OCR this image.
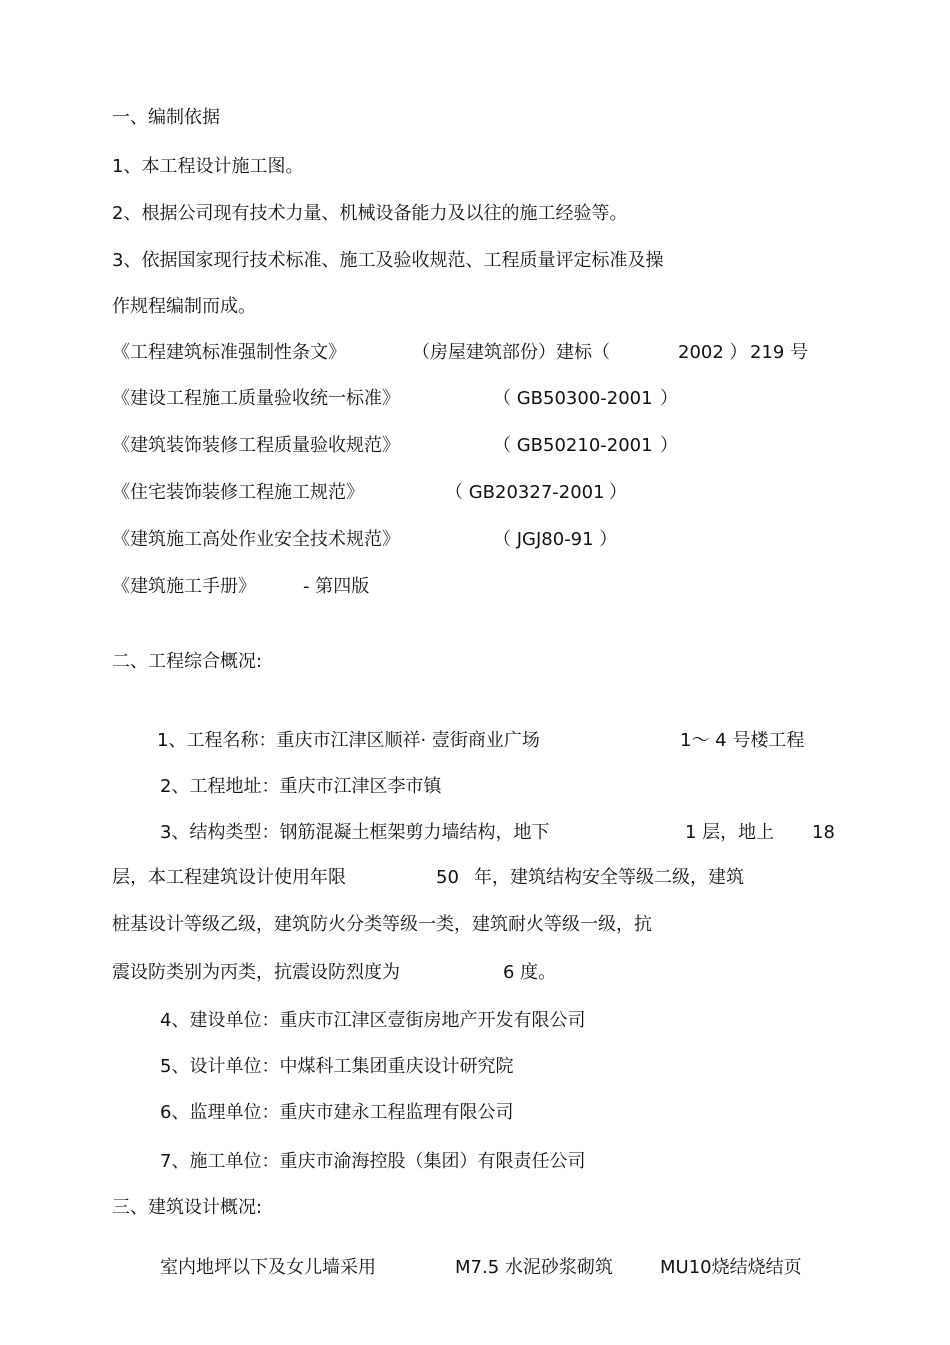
一、编制依据
1、本工程设计施工图。
2、根据公司现有技术力量、机械设备能力及以往的施工经验等。
3、依据国家现行技术标准、施工及验收规范、工程质量评定标准及操
作规程编制而成。
《工程建筑标准强制性条文》	（房屋建筑部份）建标（	2002 ） 219 号
《建设工程施工质量验收统一标准》	（ GB50300-2001 ）
《建筑装饰装修工程质量验收规范》	（ GB50210-2001 ）
《住宅装饰装修工程施工规范》	（ GB20327-2001 ）
《建筑施工高处作业安全技术规范》	（ JGJ80-91 ）
《建筑施工手册》	- 第四版
二、工程综合概况:
1、工程名称：重庆市江津区顺祥· 壹街商业广场	1～ 4 号楼工程
2、工程地址：重庆市江津区李市镇
3、结构类型：钢筋混凝土框架剪力墙结构，地下	1 层，地上 18
层，本工程建筑设计使用年限	50 年，建筑结构安全等级二级，建筑
桩基设计等级乙级，建筑防火分类等级一类，建筑耐火等级一级，抗
震设防类别为丙类，抗震设防烈度为	6 度。
4、建设单位：重庆市江津区壹街房地产开发有限公司
5、设计单位：中煤科工集团重庆设计研究院
6、监理单位：重庆市建永工程监理有限公司
7、施工单位：重庆市渝海控股（集团）有限责任公司
三、建筑设计概况:
室内地坪以下及女儿墙采用	M7.5 水泥砂浆砌筑	MU10烧结烧结页
